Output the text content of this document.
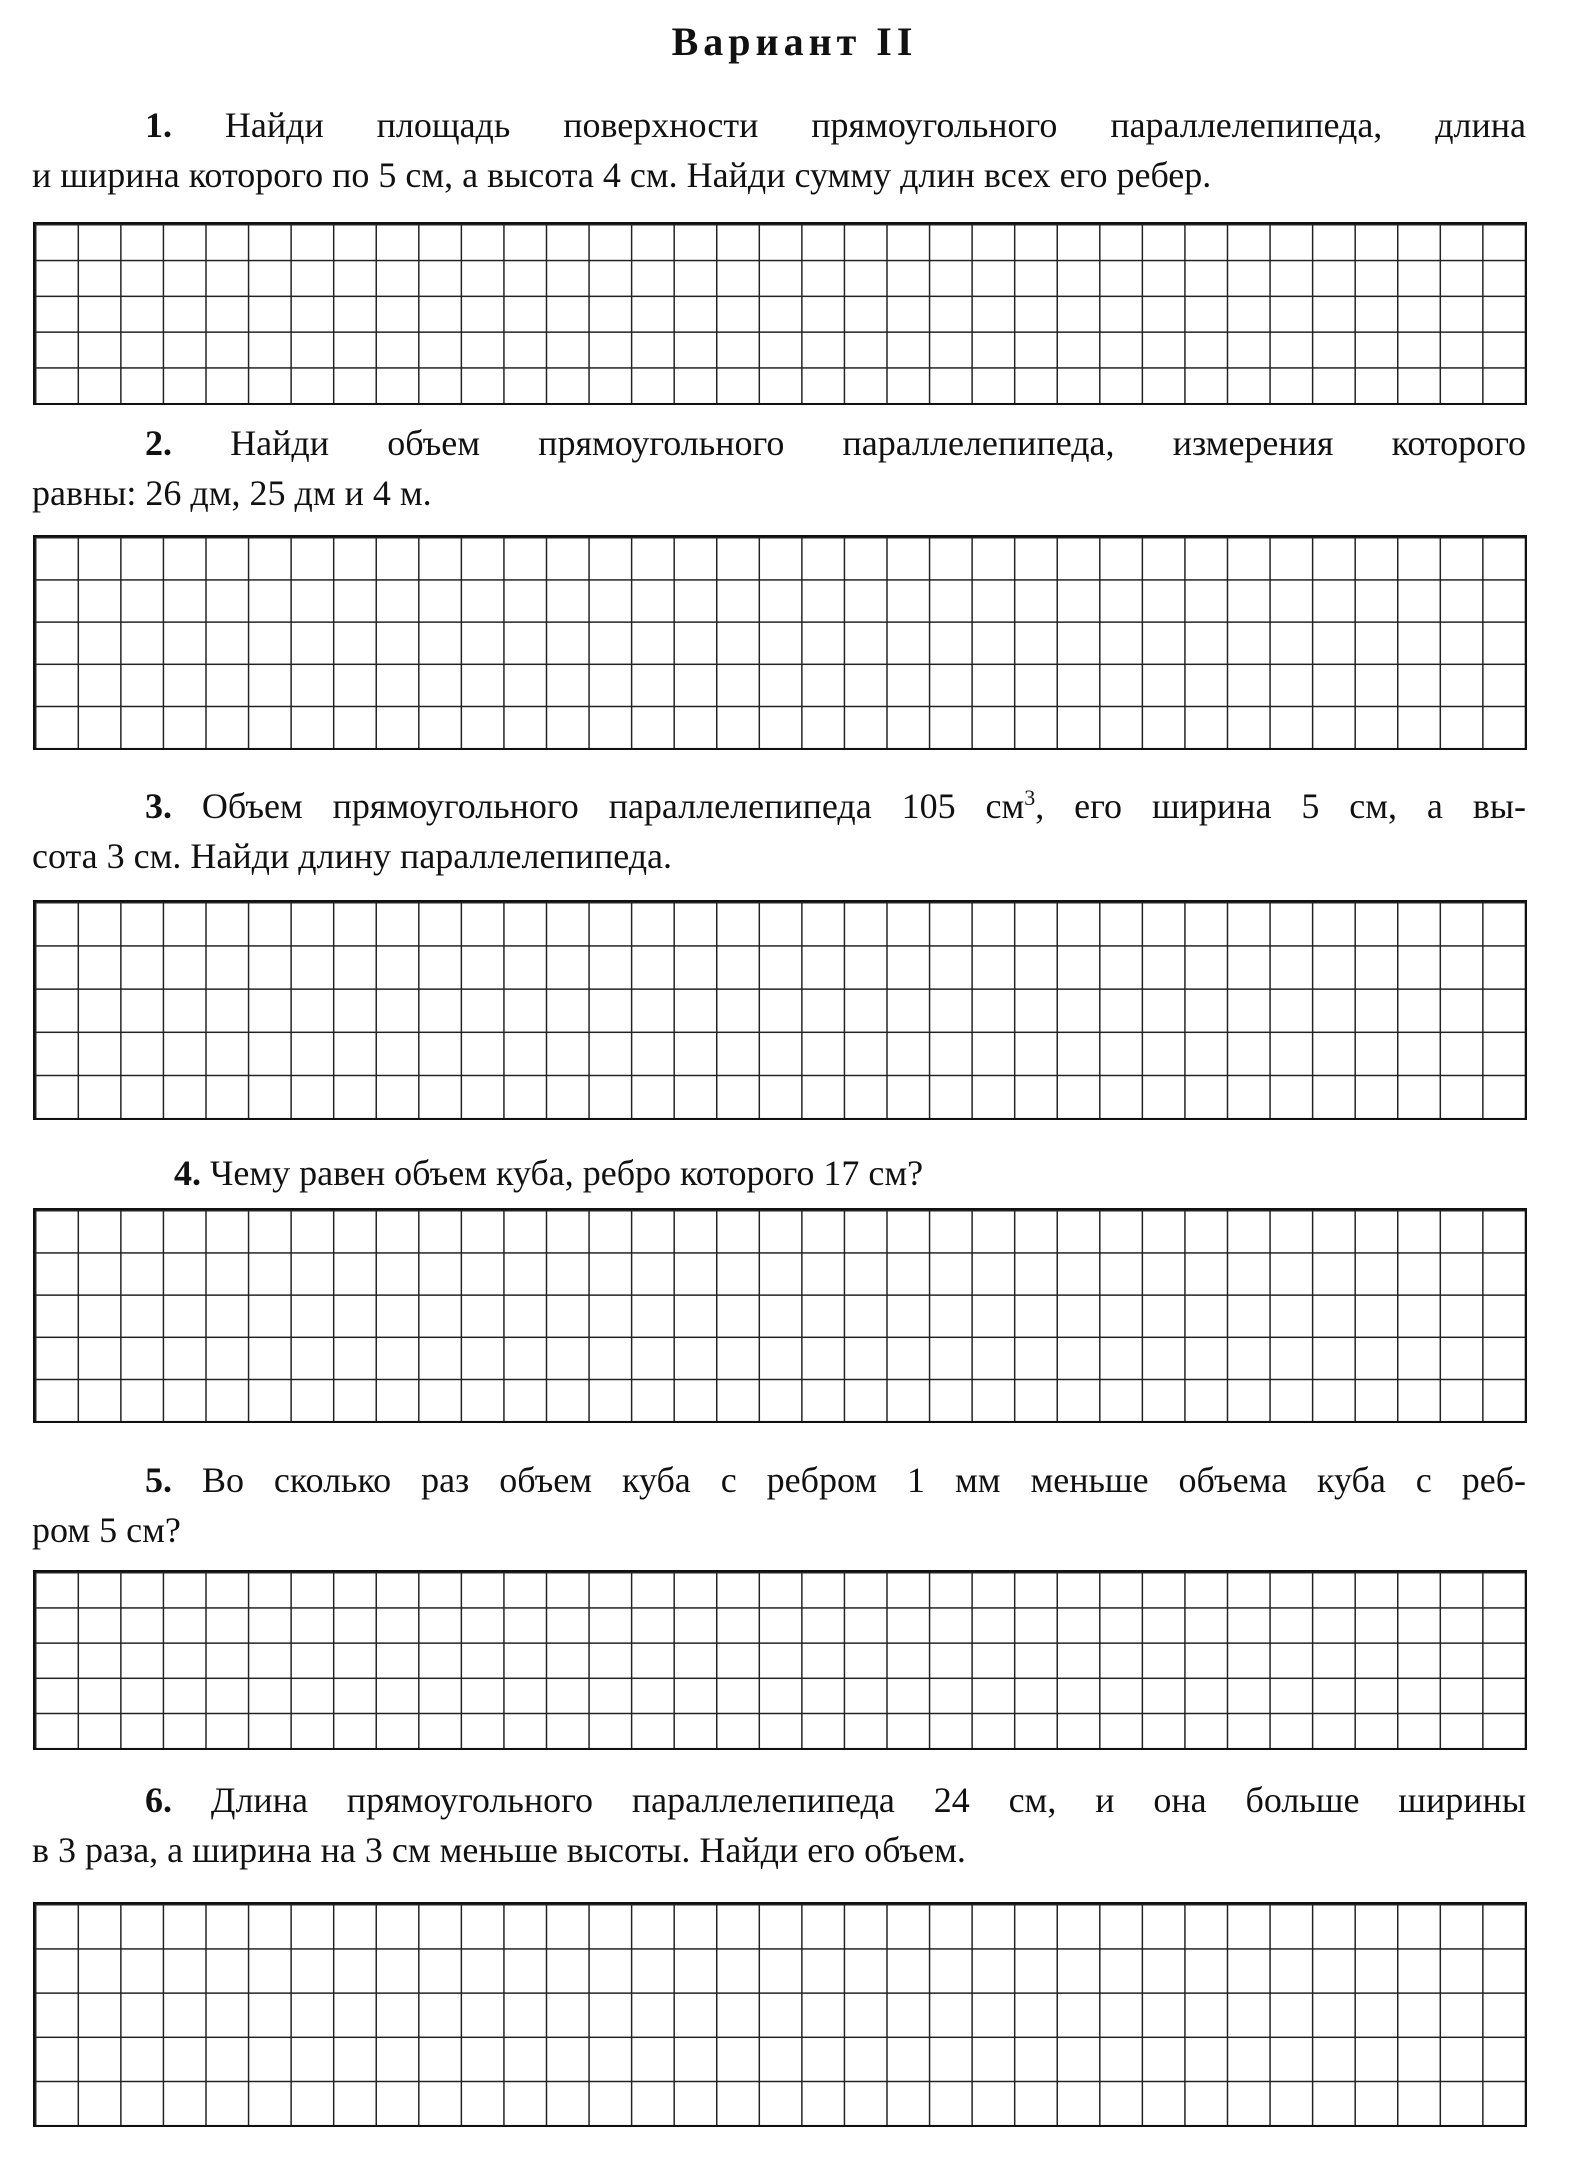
Вариант II
1. Найди площадь поверхности прямоугольного параллелепипеда, длина
и ширина которого по 5 см, а высота 4 см. Найди сумму длин всех его ребер.
2. Найди объем прямоугольного параллелепипеда, измерения которого
равны: 26 дм, 25 дм и 4 м.
3. Объем прямоугольного параллелепипеда 105 $см^3$, его ширина 5 см, а вы-
сота 3 см. Найди длину параллелепипеда.
4. Чему равен объем куба, ребро которого 17 см?
5. Во сколько раз объем куба с ребром 1 мм меньше объема куба с реб-
ром 5 см?
6. Длина прямоугольного параллелепипеда 24 см, и она больше ширины
в 3 раза, а ширина на 3 см меньше высоты. Найди его объем.
